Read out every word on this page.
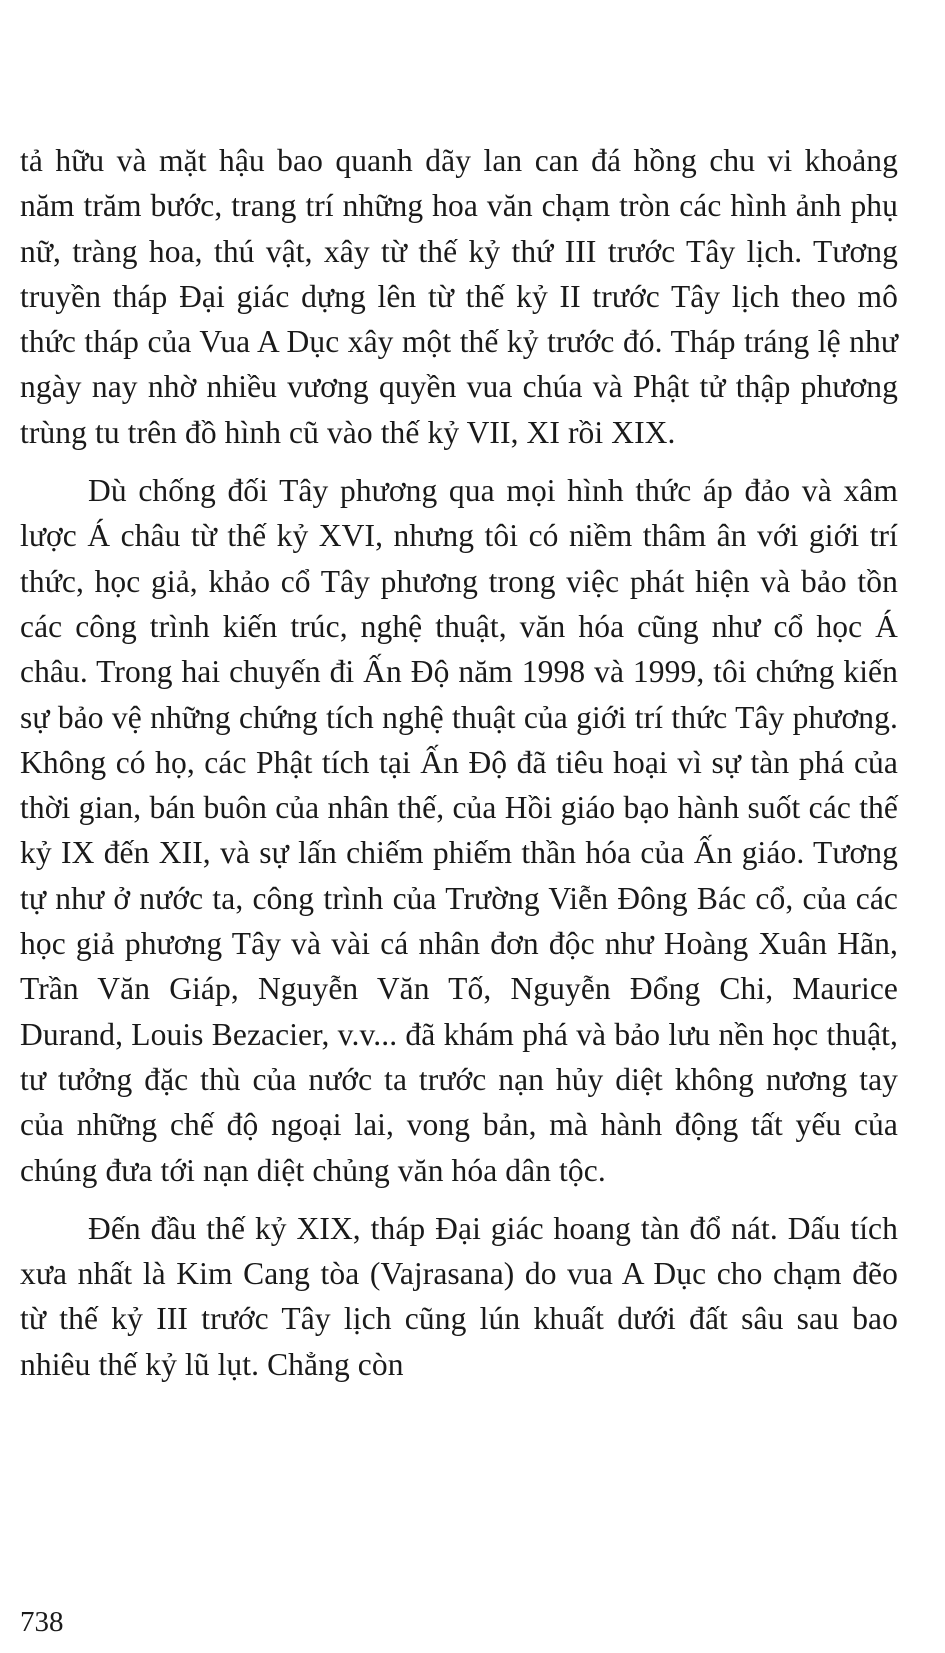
tả hữu và mặt hậu bao quanh dãy lan can đá hồng chu vi khoảng năm trăm bước, trang trí những hoa văn chạm tròn các hình ảnh phụ nữ, tràng hoa, thú vật, xây từ thế kỷ thứ III trước Tây lịch. Tương truyền tháp Đại giác dựng lên từ thế kỷ II trước Tây lịch theo mô thức tháp của Vua A Dục xây một thế kỷ trước đó. Tháp tráng lệ như ngày nay nhờ nhiều vương quyền vua chúa và Phật tử thập phương trùng tu trên đồ hình cũ vào thế kỷ VII, XI rồi XIX.

Dù chống đối Tây phương qua mọi hình thức áp đảo và xâm lược Á châu từ thế kỷ XVI, nhưng tôi có niềm thâm ân với giới trí thức, học giả, khảo cổ Tây phương trong việc phát hiện và bảo tồn các công trình kiến trúc, nghệ thuật, văn hóa cũng như cổ học Á châu. Trong hai chuyến đi Ấn Độ năm 1998 và 1999, tôi chứng kiến sự bảo vệ những chứng tích nghệ thuật của giới trí thức Tây phương. Không có họ, các Phật tích tại Ấn Độ đã tiêu hoại vì sự tàn phá của thời gian, bán buôn của nhân thế, của Hồi giáo bạo hành suốt các thế kỷ IX đến XII, và sự lấn chiếm phiếm thần hóa của Ấn giáo. Tương tự như ở nước ta, công trình của Trường Viễn Đông Bác cổ, của các học giả phương Tây và vài cá nhân đơn độc như Hoàng Xuân Hãn, Trần Văn Giáp, Nguyễn Văn Tố, Nguyễn Đổng Chi, Maurice Durand, Louis Bezacier, v.v... đã khám phá và bảo lưu nền học thuật, tư tưởng đặc thù của nước ta trước nạn hủy diệt không nương tay của những chế độ ngoại lai, vong bản, mà hành động tất yếu của chúng đưa tới nạn diệt chủng văn hóa dân tộc.

Đến đầu thế kỷ XIX, tháp Đại giác hoang tàn đổ nát. Dấu tích xưa nhất là Kim Cang tòa (Vajrasana) do vua A Dục cho chạm đẽo từ thế kỷ III trước Tây lịch cũng lún khuất dưới đất sâu sau bao nhiêu thế kỷ lũ lụt. Chẳng còn

738
